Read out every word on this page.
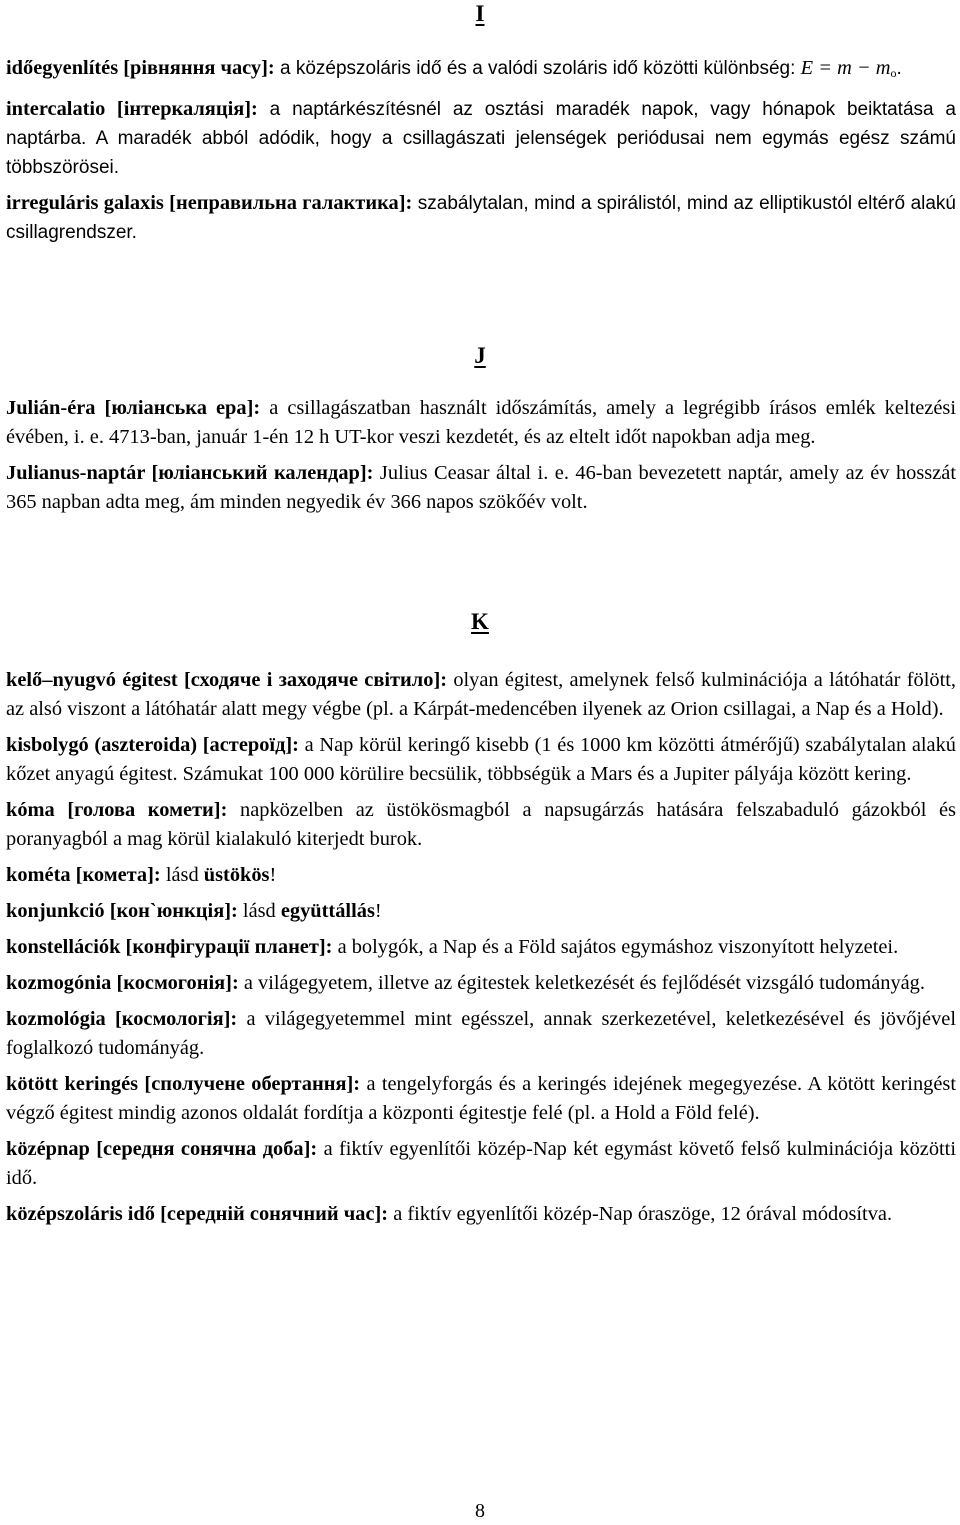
I

időegyenlítés [рівняння часу]: a középszoláris idő és a valódi szoláris idő közötti különbség: $E = m - m_o$.

intercalatio [інтеркаляція]: a naptárkészítésnél az osztási maradék napok, vagy hónapok beiktatása a naptárba. A maradék abból adódik, hogy a csillagászati jelenségek periódusai nem egymás egész számú többszörösei.

irreguláris galaxis [неправильна галактика]: szabálytalan, mind a spirálistól, mind az elliptikustól eltérő alakú csillagrendszer.

J

Julián-éra [юліанська ера]: a csillagászatban használt időszámítás, amely a legrégibb írásos emlék keltezési évében, i. e. 4713-ban, január 1-én 12 h UT-kor veszi kezdetét, és az eltelt időt napokban adja meg.

Julianus-naptár [юліанський календар]: Julius Ceasar által i. e. 46-ban bevezetett naptár, amely az év hosszát 365 napban adta meg, ám minden negyedik év 366 napos szökőév volt.

K

kelő–nyugvó égitest [сходяче і заходяче світило]: olyan égitest, amelynek felső kulminációja a látóhatár fölött, az alsó viszont a látóhatár alatt megy végbe (pl. a Kárpát-medencében ilyenek az Orion csillagai, a Nap és a Hold).

kisbolygó (aszteroida) [астероїд]: a Nap körül keringő kisebb (1 és 1000 km közötti átmérőjű) szabálytalan alakú kőzet anyagú égitest. Számukat 100 000 körülire becsülik, többségük a Mars és a Jupiter pályája között kering.

kóma [голова комети]: napközelben az üstökösmagból a napsugárzás hatására felszabaduló gázokból és poranyagból a mag körül kialakuló kiterjedt burok.

kométa [комета]: lásd üstökös!

konjunkció [кон`юнкція]: lásd együttállás!

konstellációk [конфігурації планет]: a bolygók, a Nap és a Föld sajátos egymáshoz viszonyított helyzetei.

kozmogónia [космогонія]: a világegyetem, illetve az égitestek keletkezését és fejlődését vizsgáló tudományág.

kozmológia [космологія]: a világegyetemmel mint egésszel, annak szerkezetével, keletkezésével és jövőjével foglalkozó tudományág.

kötött keringés [сполучене обертання]: a tengelyforgás és a keringés idejének megegyezése. A kötött keringést végző égitest mindig azonos oldalát fordítja a központi égitestje felé (pl. a Hold a Föld felé).

középnap [середня сонячна доба]: a fiktív egyenlítői közép-Nap két egymást követő felső kulminációja közötti idő.

középszoláris idő [середній сонячний час]: a fiktív egyenlítői közép-Nap óraszöge, 12 órával módosítva.

8
